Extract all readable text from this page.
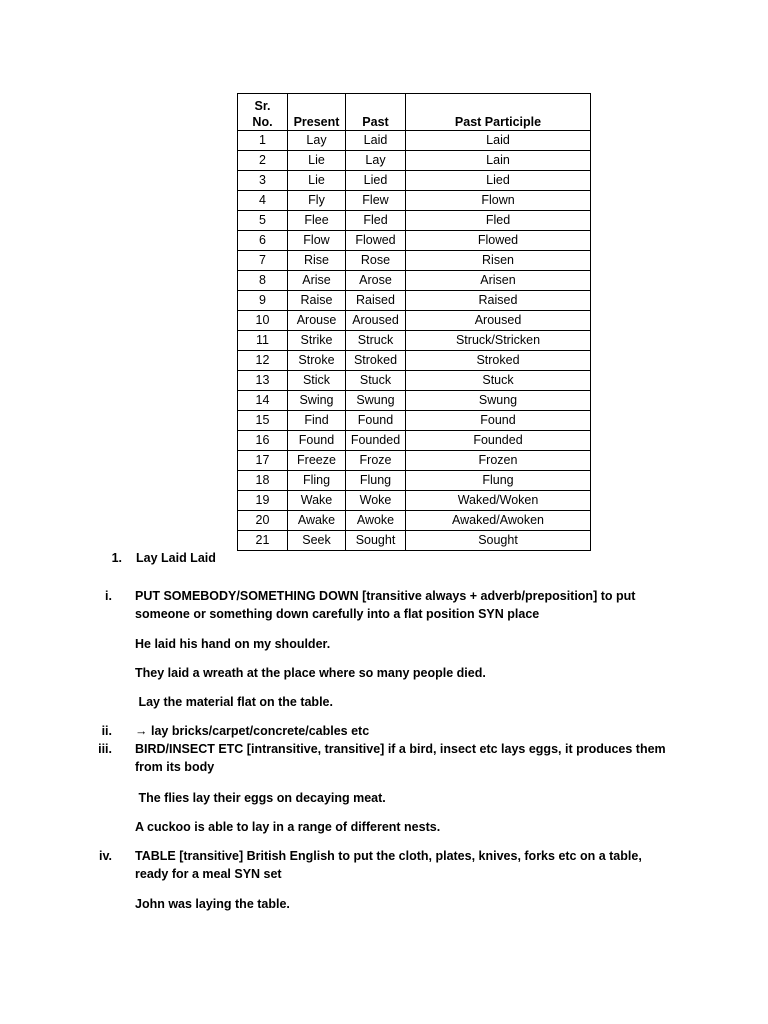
Sr.
No.	Present	Past	Past Participle
1	Lay	Laid	Laid
2	Lie	Lay	Lain
3	Lie	Lied	Lied
4	Fly	Flew	Flown
5	Flee	Fled	Fled
6	Flow	Flowed	Flowed
7	Rise	Rose	Risen
8	Arise	Arose	Arisen
9	Raise	Raised	Raised
10	Arouse	Aroused	Aroused
11	Strike	Struck	Struck/Stricken
12	Stroke	Stroked	Stroked
13	Stick	Stuck	Stuck
14	Swing	Swung	Swung
15	Find	Found	Found
16	Found	Founded	Founded
17	Freeze	Froze	Frozen
18	Fling	Flung	Flung
19	Wake	Woke	Waked/Woken
20	Awake	Awoke	Awaked/Awoken
21	Seek	Sought	Sought
1. Lay Laid Laid

i. PUT SOMEBODY/SOMETHING DOWN [transitive always + adverb/preposition] to put someone or something down carefully into a flat position SYN place

He laid his hand on my shoulder.

They laid a wreath at the place where so many people died.

Lay the material flat on the table.

ii. → lay bricks/carpet/concrete/cables etc

iii. BIRD/INSECT ETC [intransitive, transitive] if a bird, insect etc lays eggs, it produces them from its body

The flies lay their eggs on decaying meat.

A cuckoo is able to lay in a range of different nests.

iv. TABLE [transitive] British English to put the cloth, plates, knives, forks etc on a table, ready for a meal SYN set

John was laying the table.
